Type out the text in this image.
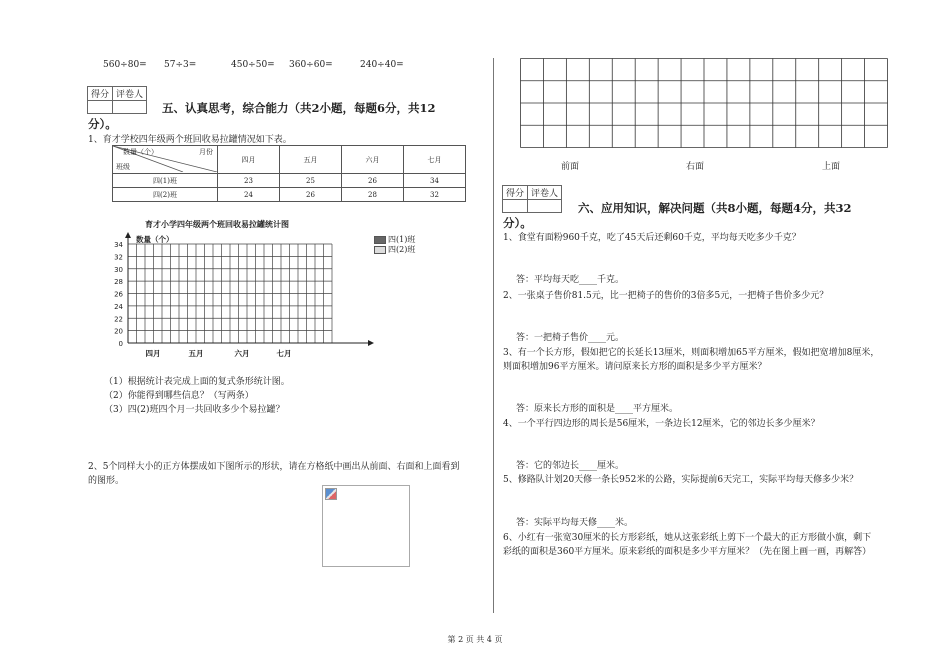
560÷80= 57÷3=	450÷50= 360÷60=	240÷40=
得分	评卷人

五、认真思考，综合能力（共2小题，每题6分，共12
分）。
1、育才学校四年级两个班回收易拉罐情况如下表。
数量（个） 月份
班级	四月	五月	六月	七月
四(1)班	23	25	26	34
四(2)班	24	26	28	32
育才小学四年级两个班回收易拉罐统计图
四(1)班
四(2)班
0
20
22
24
26
28
30
32
34
数量（个）
四月	五月	六月	七月
（1）根据统计表完成上面的复式条形统计图。
（2）你能得到哪些信息？（写两条）
（3）四(2)班四个月一共回收多少个易拉罐？
2、5个同样大小的正方体摆成如下图所示的形状，请在方格纸中画出从前面、右面和上面看到
的图形。
前面	右面	上面
得分	评卷人

六、应用知识，解决问题（共8小题，每题4分，共32
分）。
1、食堂有面粉960千克，吃了45天后还剩60千克，平均每天吃多少千克？
答：平均每天吃____千克。
2、一张桌子售价81.5元，比一把椅子的售价的3倍多5元，一把椅子售价多少元？
答：一把椅子售价____元。
3、有一个长方形，假如把它的长延长13厘米，则面积增加65平方厘米，假如把宽增加8厘米，
则面积增加96平方厘米。请问原来长方形的面积是多少平方厘米？
答：原来长方形的面积是____平方厘米。
4、一个平行四边形的周长是56厘米，一条边长12厘米，它的邻边长多少厘米？
答：它的邻边长____厘米。
5、修路队计划20天修一条长952米的公路，实际提前6天完工，实际平均每天修多少米？
答：实际平均每天修____米。
6、小红有一张宽30厘米的长方形彩纸，她从这张彩纸上剪下一个最大的正方形做小旗，剩下
彩纸的面积是360平方厘米。原来彩纸的面积是多少平方厘米？（先在图上画一画，再解答）
第 2 页 共 4 页
